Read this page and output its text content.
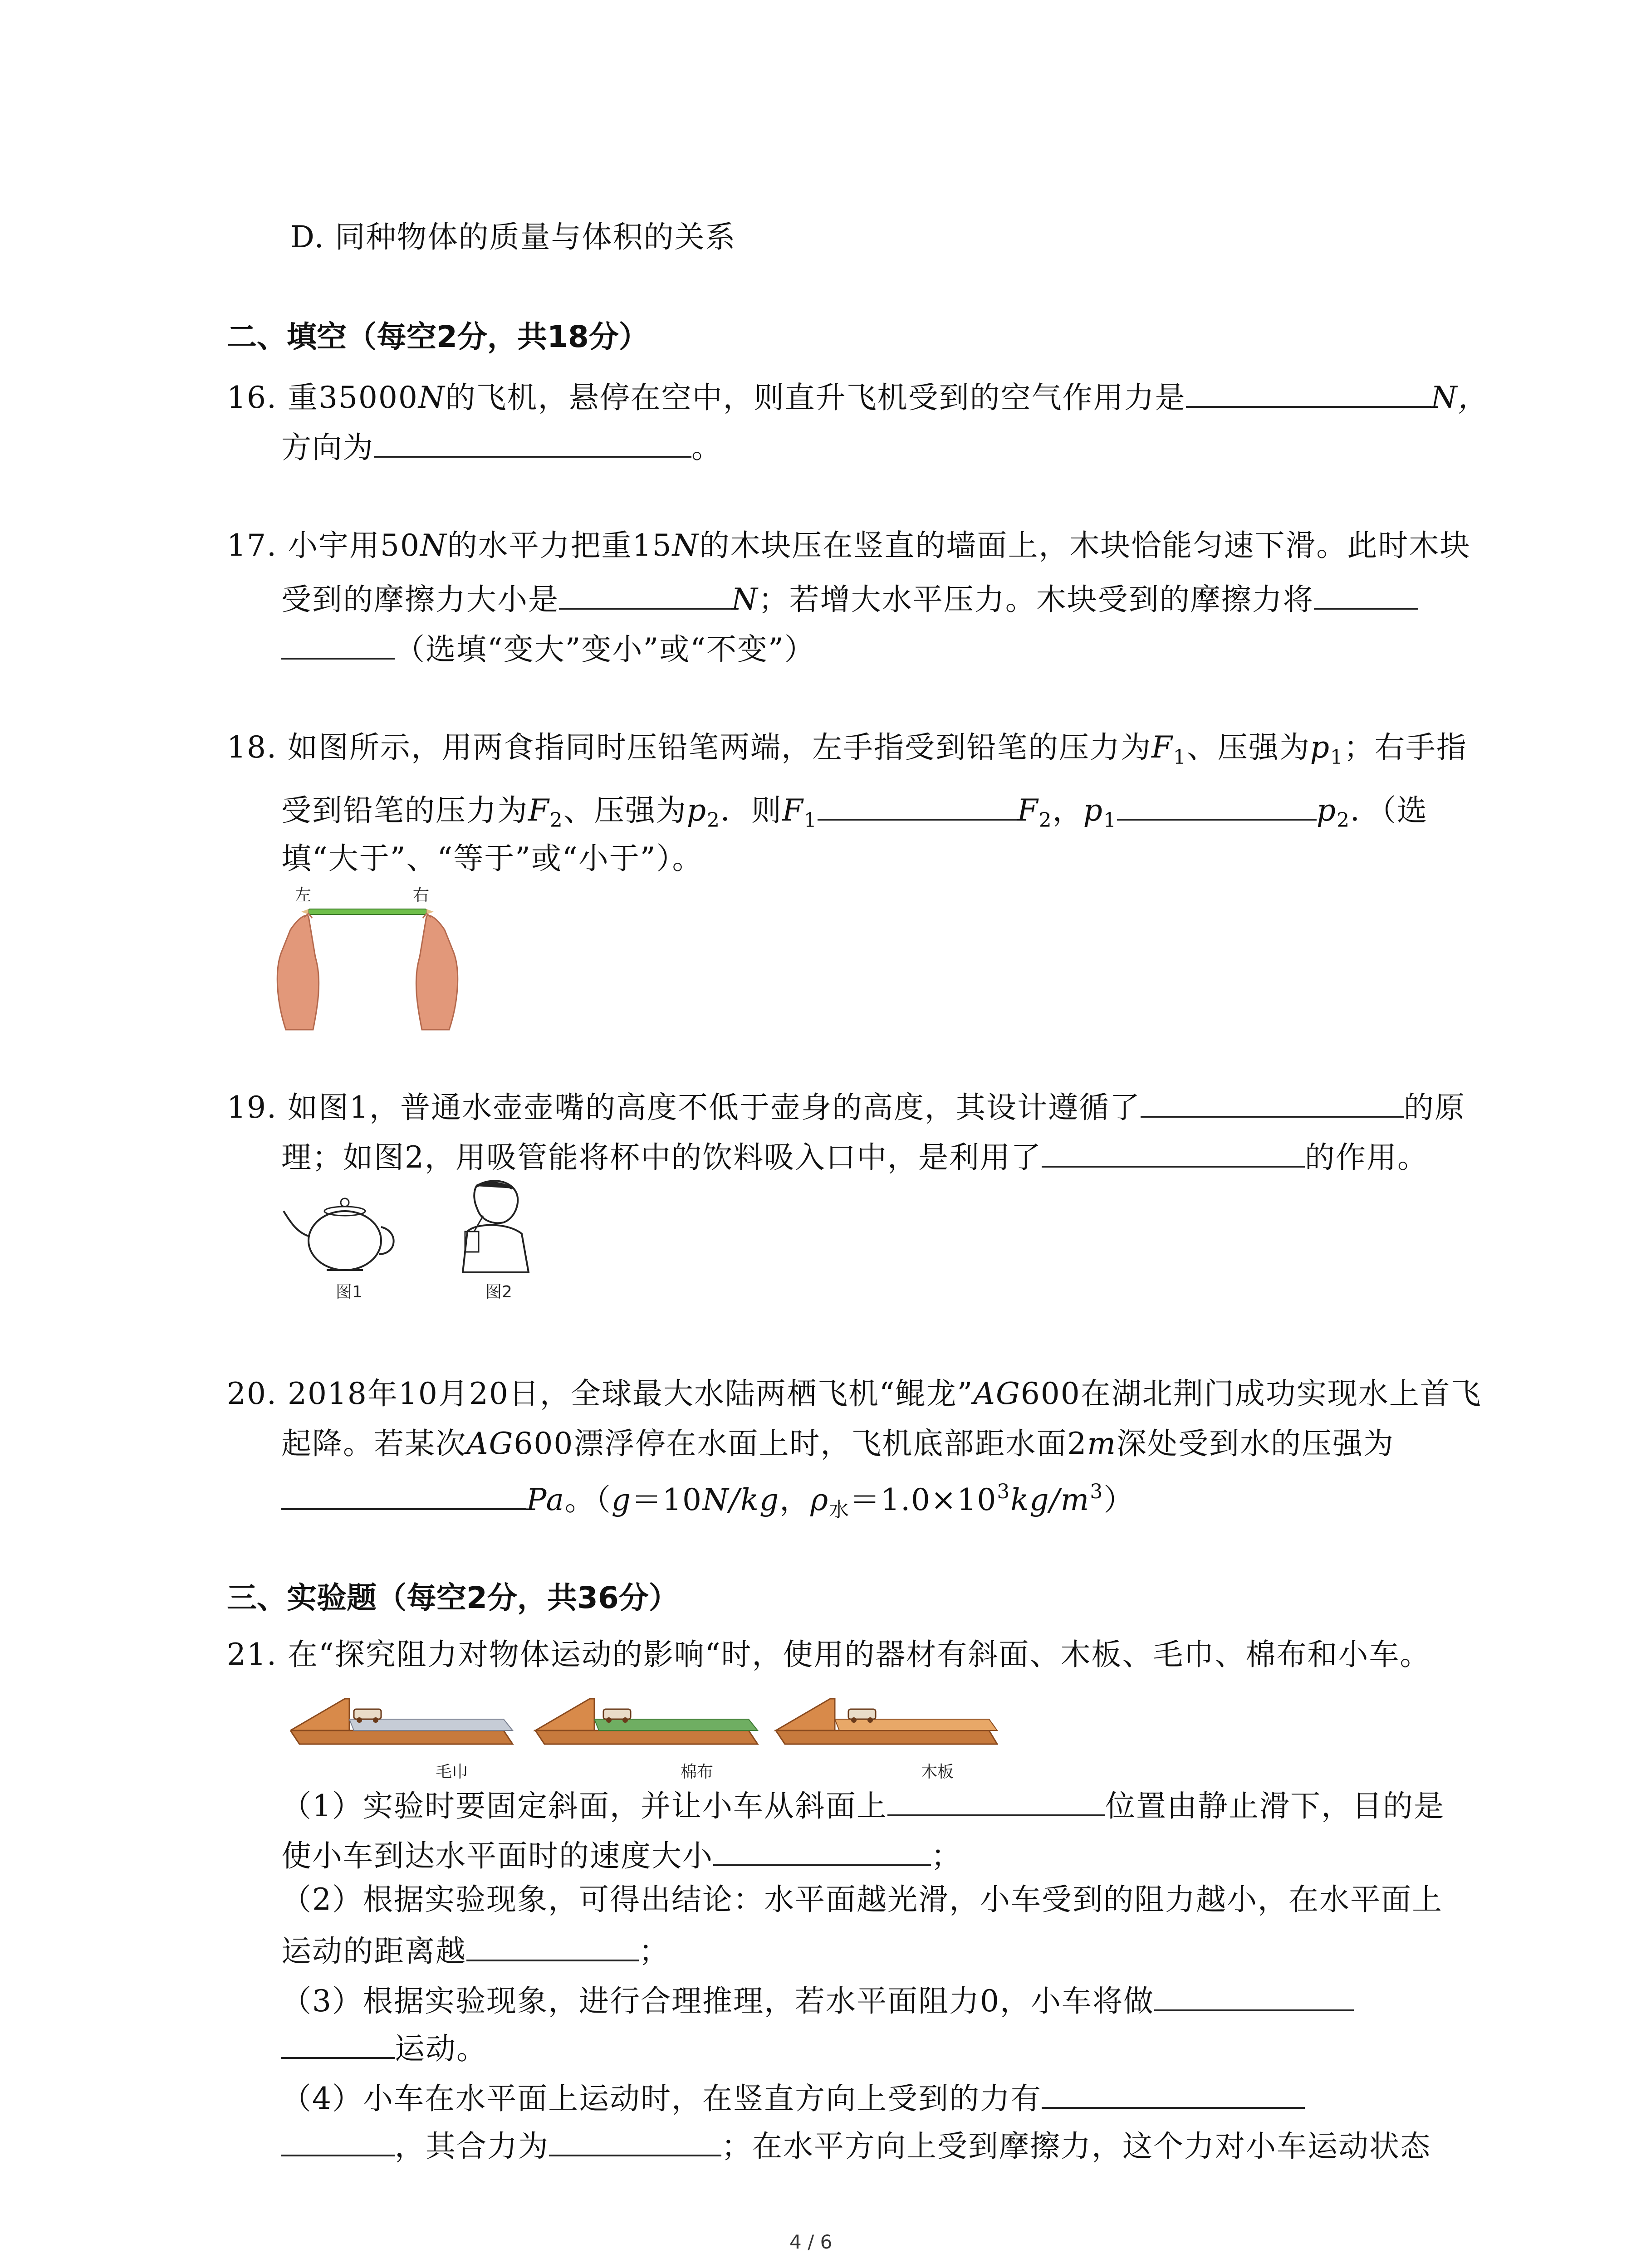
D. 同种物体的质量与体积的关系
二、填空（每空2分，共18分）
16. 重35000N的飞机，悬停在空中，则直升飞机受到的空气作用力是	N，
方向为	。
17. 小宇用50N的水平力把重15N的木块压在竖直的墙面上，木块恰能匀速下滑。此时木块
受到的摩擦力大小是	N；若增大水平压力。木块受到的摩擦力将
（选填“变大”变小”或“不变”）
18. 如图所示，用两食指同时压铅笔两端，左手指受到铅笔的压力为$F_1$、压强为$p_1$；右手指
受到铅笔的压力为$F_2$、压强为$p_2$．则$F_1$	$F_2$，$p_1$	$p_2$．（选
填“大于”、“等于”或“小于”）。
左	右
19. 如图1，普通水壶壶嘴的高度不低于壶身的高度，其设计遵循了	的原
理；如图2，用吸管能将杯中的饮料吸入口中，是利用了	的作用。
图1	图2
20. 2018年10月20日，全球最大水陆两栖飞机“鲲龙”AG600在湖北荆门成功实现水上首飞
起降。若某次AG600漂浮停在水面上时，飞机底部距水面2m深处受到水的压强为
Pa。（g＝10N/kg，$\rho_水=1.0\times 10^3kg/m^3$）
三、实验题（每空2分，共36分）
21. 在“探究阻力对物体运动的影响“时，使用的器材有斜面、木板、毛巾、棉布和小车。
毛巾	棉布	木板
（1）实验时要固定斜面，并让小车从斜面上	位置由静止滑下，目的是
使小车到达水平面时的速度大小	；
（2）根据实验现象，可得出结论：水平面越光滑，小车受到的阻力越小，在水平面上
运动的距离越	；
（3）根据实验现象，进行合理推理，若水平面阻力0，小车将做
运动。
（4）小车在水平面上运动时，在竖直方向上受到的力有
，其合力为	；在水平方向上受到摩擦力，这个力对小车运动状态
4 / 6
